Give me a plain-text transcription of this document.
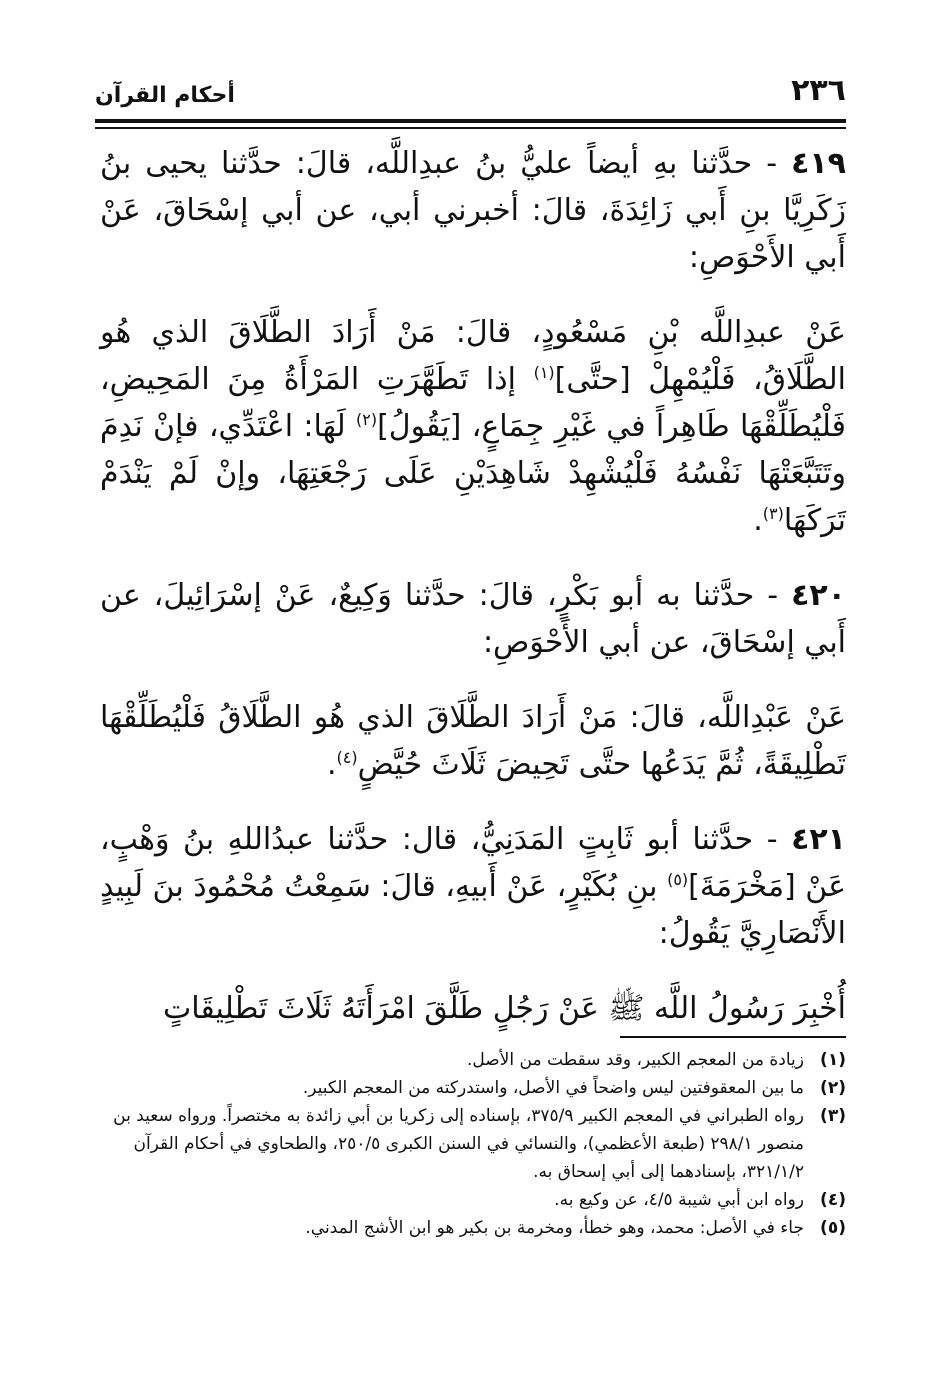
٢٣٦
أحكام القرآن

٤١٩ - حدَّثنا بهِ أيضاً عليُّ بنُ عبدِاللَّه، قالَ: حدَّثنا يحيى بنُ زَكَرِيَّا بنِ أَبي زَائِدَةَ، قالَ: أخبرني أبي، عن أبي إسْحَاقَ، عَنْ أَبي الأَحْوَصِ:

عَنْ عبدِاللَّه بْنِ مَسْعُودٍ، قالَ: مَنْ أَرَادَ الطَّلَاقَ الذي هُو الطَّلَاقُ، فَلْيُمْهِلْ [حتَّى]$^{(١)}$ إذا تَطَهَّرَتِ المَرْأَةُ مِنَ المَحِيضِ، فَلْيُطَلِّقْهَا طَاهِراً في غَيْرِ جِمَاعٍ، [يَقُولُ]$^{(٢)}$ لَهَا: اعْتَدِّي، فإنْ نَدِمَ وتَتَبَّعَتْهَا نَفْسُهُ فَلْيُشْهِدْ شَاهِدَيْنِ عَلَى رَجْعَتِهَا، وإنْ لَمْ يَنْدَمْ تَرَكَهَا$^{(٣)}$.

٤٢٠ - حدَّثنا به أبو بَكْرٍ، قالَ: حدَّثنا وَكِيعٌ، عَنْ إسْرَائِيلَ، عن أَبي إسْحَاقَ، عن أبي الأَحْوَصِ:

عَنْ عَبْدِاللَّه، قالَ: مَنْ أَرَادَ الطَّلَاقَ الذي هُو الطَّلَاقُ فَلْيُطَلِّقْهَا تَطْلِيقَةً، ثُمَّ يَدَعُها حتَّى تَحِيضَ ثَلَاثَ حُيَّضٍ$^{(٤)}$.

٤٢١ - حدَّثنا أبو ثَابِتٍ المَدَنِيُّ، قال: حدَّثنا عبدُاللهِ بنُ وَهْبٍ، عَنْ [مَخْرَمَةَ]$^{(٥)}$ بنِ بُكَيْرٍ، عَنْ أَبيهِ، قالَ: سَمِعْتُ مُحْمُودَ بنَ لَبِيدٍ الأَنْصَارِيَّ يَقُولُ:

أُخْبِرَ رَسُولُ اللَّه ﷺ عَنْ رَجُلٍ طَلَّقَ امْرَأَتَهُ ثَلَاثَ تَطْلِيقَاتٍ

(١)
زيادة من المعجم الكبير، وقد سقطت من الأصل.
(٢)
ما بين المعقوفتين ليس واضحاً في الأصل، واستدركته من المعجم الكبير.
(٣)
رواه الطبراني في المعجم الكبير ٣٧٥/٩، بإسناده إلى زكريا بن أبي زائدة به مختصراً. ورواه سعيد بن منصور ٢٩٨/١ (طبعة الأعظمي)، والنسائي في السنن الكبرى ٢٥٠/٥، والطحاوي في أحكام القرآن ٣٢١/١/٢، بإسنادهما إلى أبي إسحاق به.
(٤)
رواه ابن أبي شيبة ٤/٥، عن وكيع به.
(٥)
جاء في الأصل: محمد، وهو خطأ، ومخرمة بن بكير هو ابن الأشج المدني.
